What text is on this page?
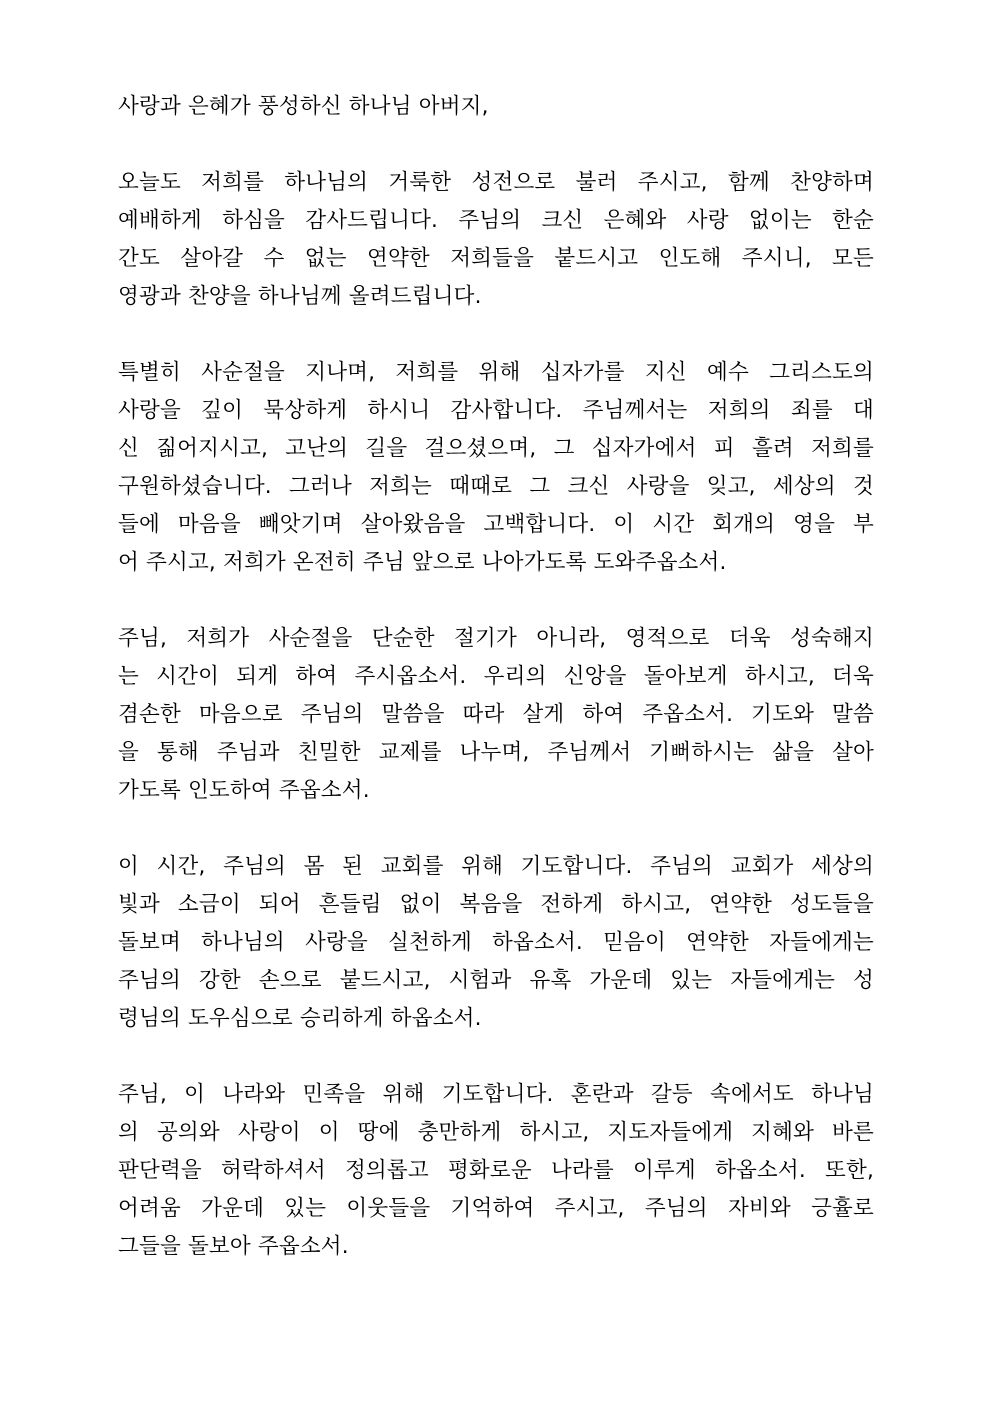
사랑과 은혜가 풍성하신 하나님 아버지,
오늘도 저희를 하나님의 거룩한 성전으로 불러 주시고, 함께 찬양하며
예배하게 하심을 감사드립니다. 주님의 크신 은혜와 사랑 없이는 한순
간도 살아갈 수 없는 연약한 저희들을 붙드시고 인도해 주시니, 모든
영광과 찬양을 하나님께 올려드립니다.
특별히 사순절을 지나며, 저희를 위해 십자가를 지신 예수 그리스도의
사랑을 깊이 묵상하게 하시니 감사합니다. 주님께서는 저희의 죄를 대
신 짊어지시고, 고난의 길을 걸으셨으며, 그 십자가에서 피 흘려 저희를
구원하셨습니다. 그러나 저희는 때때로 그 크신 사랑을 잊고, 세상의 것
들에 마음을 빼앗기며 살아왔음을 고백합니다. 이 시간 회개의 영을 부
어 주시고, 저희가 온전히 주님 앞으로 나아가도록 도와주옵소서.
주님, 저희가 사순절을 단순한 절기가 아니라, 영적으로 더욱 성숙해지
는 시간이 되게 하여 주시옵소서. 우리의 신앙을 돌아보게 하시고, 더욱
겸손한 마음으로 주님의 말씀을 따라 살게 하여 주옵소서. 기도와 말씀
을 통해 주님과 친밀한 교제를 나누며, 주님께서 기뻐하시는 삶을 살아
가도록 인도하여 주옵소서.
이 시간, 주님의 몸 된 교회를 위해 기도합니다. 주님의 교회가 세상의
빛과 소금이 되어 흔들림 없이 복음을 전하게 하시고, 연약한 성도들을
돌보며 하나님의 사랑을 실천하게 하옵소서. 믿음이 연약한 자들에게는
주님의 강한 손으로 붙드시고, 시험과 유혹 가운데 있는 자들에게는 성
령님의 도우심으로 승리하게 하옵소서.
주님, 이 나라와 민족을 위해 기도합니다. 혼란과 갈등 속에서도 하나님
의 공의와 사랑이 이 땅에 충만하게 하시고, 지도자들에게 지혜와 바른
판단력을 허락하셔서 정의롭고 평화로운 나라를 이루게 하옵소서. 또한,
어려움 가운데 있는 이웃들을 기억하여 주시고, 주님의 자비와 긍휼로
그들을 돌보아 주옵소서.
